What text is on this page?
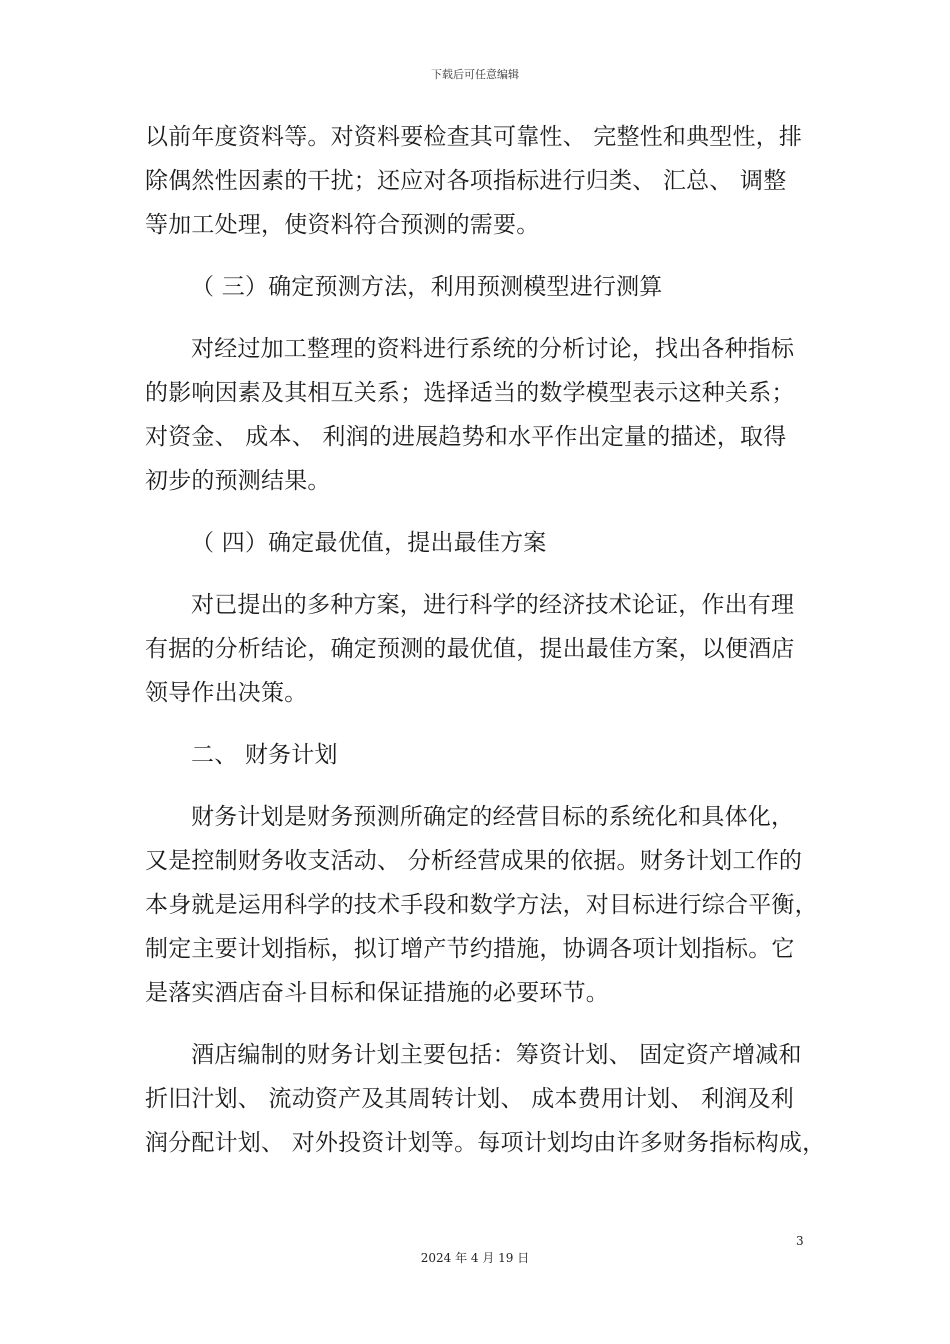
下载后可任意编辑

以前年度资料等。对资料要检查其可靠性、 完整性和典型性，排

除偶然性因素的干扰；还应对各项指标进行归类、 汇总、 调整

等加工处理，使资料符合预测的需要。

（ 三）确定预测方法，利用预测模型进行测算

对经过加工整理的资料进行系统的分析讨论，找出各种指标

的影响因素及其相互关系；选择适当的数学模型表示这种关系；

对资金、 成本、 利润的进展趋势和水平作出定量的描述，取得

初步的预测结果。

（ 四）确定最优值，提出最佳方案

对已提出的多种方案，进行科学的经济技术论证，作出有理

有据的分析结论，确定预测的最优值，提出最佳方案，以便酒店

领导作出决策。

二、 财务计划

财务计划是财务预测所确定的经营目标的系统化和具体化，

又是控制财务收支活动、 分析经营成果的依据。财务计划工作的

本身就是运用科学的技术手段和数学方法，对目标进行综合平衡，

制定主要计划指标，拟订增产节约措施，协调各项计划指标。它

是落实酒店奋斗目标和保证措施的必要环节。

酒店编制的财务计划主要包括：筹资计划、 固定资产增减和

折旧汁划、 流动资产及其周转计划、 成本费用计划、 利润及利

润分配计划、 对外投资计划等。每项计划均由许多财务指标构成，

3
2024 年 4 月 19 日
